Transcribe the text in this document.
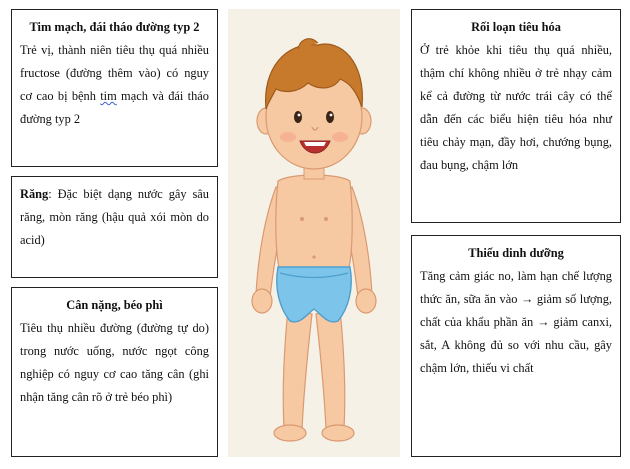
Tim mạch, đái tháo đường typ 2

Trẻ vị, thành niên tiêu thụ quá nhiều fructose (đường thêm vào) có nguy cơ cao bị bệnh tim mạch và đái tháo đường typ 2

Răng: Đặc biệt dạng nước gây sâu răng, mòn răng (hậu quả xói mòn do acid)

Cân nặng, béo phì

Tiêu thụ nhiều đường (đường tự do) trong nước uống, nước ngọt công nghiệp có nguy cơ cao tăng cân (ghi nhận tăng cân rõ ở trẻ béo phì)

Rối loạn tiêu hóa

Ở trẻ khỏe khi tiêu thụ quá nhiều, thậm chí không nhiều ở trẻ nhạy cảm kể cả đường từ nước trái cây có thể dẫn đến các biểu hiện tiêu hóa như tiêu chảy mạn, đầy hơi, chướng bụng, đau bụng, chậm lớn

Thiếu dinh dưỡng

Tăng cảm giác no, làm hạn chế lượng thức ăn, sữa ăn vào → giảm số lượng, chất của khẩu phần ăn → giảm canxi, sắt, A không đủ so với nhu cầu, gây chậm lớn, thiếu vi chất
